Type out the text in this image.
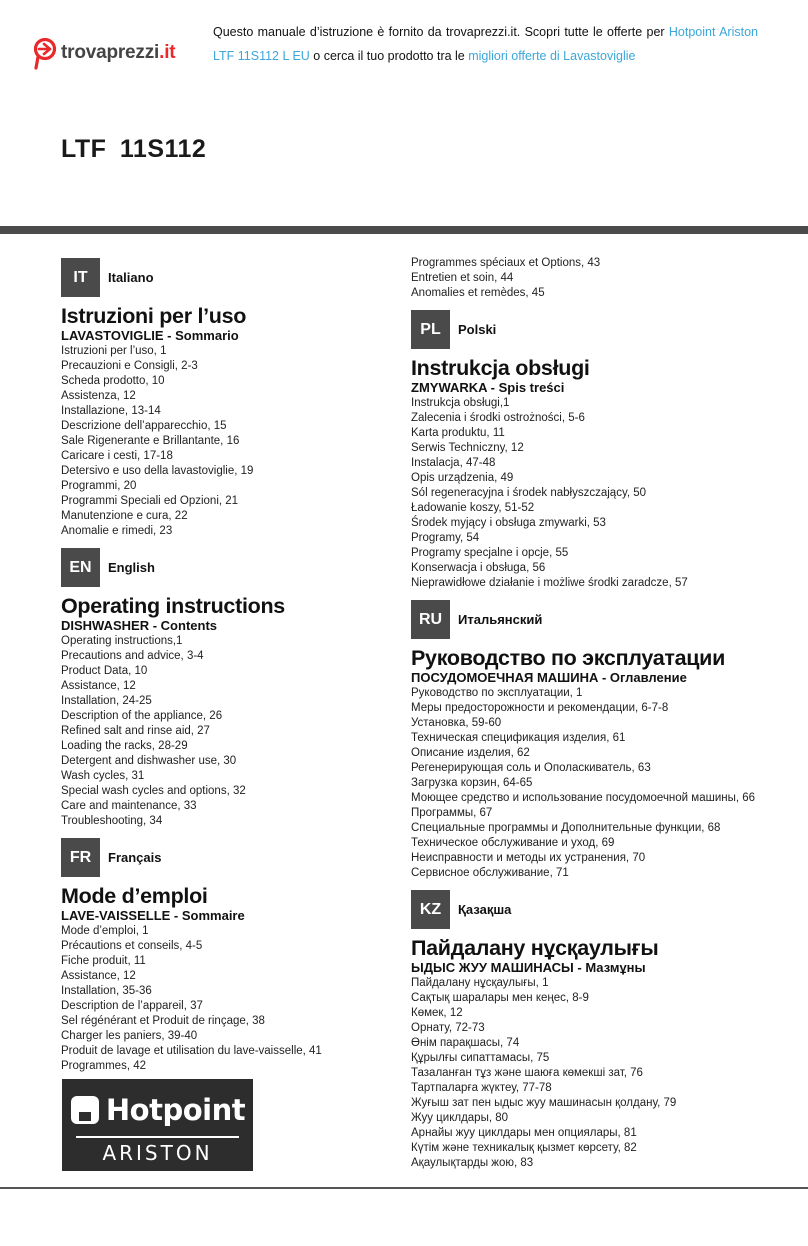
trovaprezzi.it
Questo manuale d’istruzione è fornito da trovaprezzi.it. Scopri tutte le offerte per Hotpoint Ariston LTF 11S112 L EU o cerca il tuo prodotto tra le migliori offerte di Lavastoviglie
LTF 11S112
IT	Italiano
Istruzioni per l’uso
LAVASTOVIGLIE - Sommario
Istruzioni per l’uso, 1
Precauzioni e Consigli, 2-3
Scheda prodotto, 10
Assistenza, 12
Installazione, 13-14
Descrizione dell’apparecchio, 15
Sale Rigenerante e Brillantante, 16
Caricare i cesti, 17-18
Detersivo e uso della lavastoviglie, 19
Programmi, 20
Programmi Speciali ed Opzioni, 21
Manutenzione e cura, 22
Anomalie e rimedi, 23
EN	English
Operating instructions
DISHWASHER - Contents
Operating instructions,1
Precautions and advice, 3-4
Product Data, 10
Assistance, 12
Installation, 24-25
Description of the appliance, 26
Refined salt and rinse aid, 27
Loading the racks, 28-29
Detergent and dishwasher use, 30
Wash cycles, 31
Special wash cycles and options, 32
Care and maintenance, 33
Troubleshooting, 34
FR	Français
Mode d’emploi
LAVE-VAISSELLE - Sommaire
Mode d’emploi, 1
Précautions et conseils, 4-5
Fiche produit, 11
Assistance, 12
Installation, 35-36
Description de l’appareil, 37
Sel régénérant et Produit de rinçage, 38
Charger les paniers, 39-40
Produit de lavage et utilisation du lave-vaisselle, 41
Programmes, 42
Programmes spéciaux et Options, 43
Entretien et soin, 44
Anomalies et remèdes, 45
PL	Polski
Instrukcja obsługi
ZMYWARKA - Spis treści
Instrukcja obsługi,1
Zalecenia i środki ostrożności, 5-6
Karta produktu, 11
Serwis Techniczny, 12
Instalacja, 47-48
Opis urządzenia, 49
Sól regeneracyjna i środek nabłyszczający, 50
Ładowanie koszy, 51-52
Środek myjący i obsługa zmywarki, 53
Programy, 54
Programy specjalne i opcje, 55
Konserwacja i obsługa, 56
Nieprawidłowe działanie i możliwe środki zaradcze, 57
RU	Итальянский
Руководство по эксплуатации
ПОСУДОМОЕЧНАЯ МАШИНА - Оглавление
Руководство по эксплуатации, 1
Меры предосторожности и рекомендации, 6-7-8
Установка, 59-60
Техническая спецификация изделия, 61
Описание изделия, 62
Регенерирующая соль и Ополаскиватель, 63
Загрузка корзин, 64-65
Моющее средство и использование посудомоечной машины, 66
Программы, 67
Специальные программы и Дополнительные функции, 68
Техническое обслуживание и уход, 69
Неисправности и методы их устранения, 70
Сервисное обслуживание, 71
KZ	Қазақша
Пайдалану нұсқаулығы
ЫДЫС ЖУУ МАШИНАСЫ - Мазмұны
Пайдалану нұсқаулығы, 1
Сақтық шаралары мен кеңес, 8-9
Көмек, 12
Орнату, 72-73
Өнім парақшасы, 74
Құрылғы сипаттамасы, 75
Тазаланған тұз және шаюға көмекші зат, 76
Тартпаларға жүктеу, 77-78
Жуғыш зат пен ыдыс жуу машинасын қолдану, 79
Жуу циклдары, 80
Арнайы жуу циклдары мен опциялары, 81
Күтім және техникалық қызмет көрсету, 82
Ақаулықтарды жою, 83
Hotpoint
ARISTON
